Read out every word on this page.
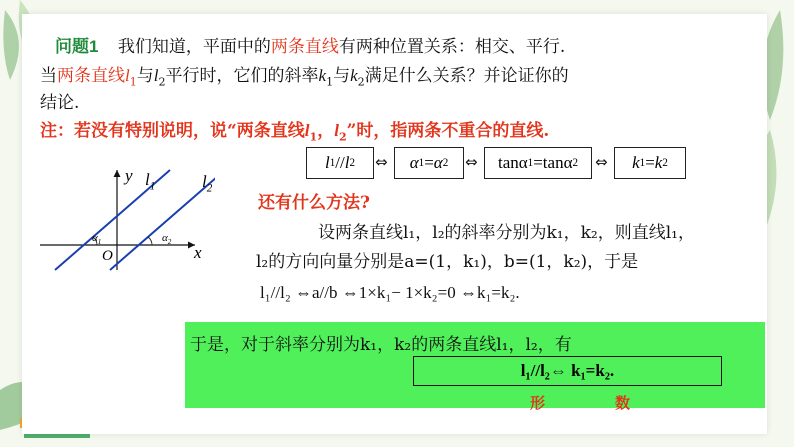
问题1 我们知道，平面中的两条直线有两种位置关系：相交、平行.
当两条直线$l_1$与$l_2$平行时，它们的斜率$k_1$与$k_2$满足什么关系？并论证你的
结论.
注：若没有特别说明，说“两条直线$l_1$，$l_2$”时，指两条不重合的直线.
l 1 // l 2 ⇔ α 1 = α 2 ⇔ tanα 1 = tanα 2 ⇔ k 1 = k 2
y $l_1$	$l_2$
$\alpha_1$	$\alpha_2$
O	x
还有什么方法?
设两条直线l₁，l₂的斜率分别为k₁，k₂，则直线l₁，
l₂的方向向量分别是a=(1，k₁)，b=(1，k₂)，于是
l₁//l₂ ⇔a//b ⇔1×k₁− 1×k₂=0 ⇔k₁=k₂.
于是，对于斜率分别为k₁，k₂的两条直线l₁，l₂，有
l₁//l₂⇔ k₁=k₂.
形	数
